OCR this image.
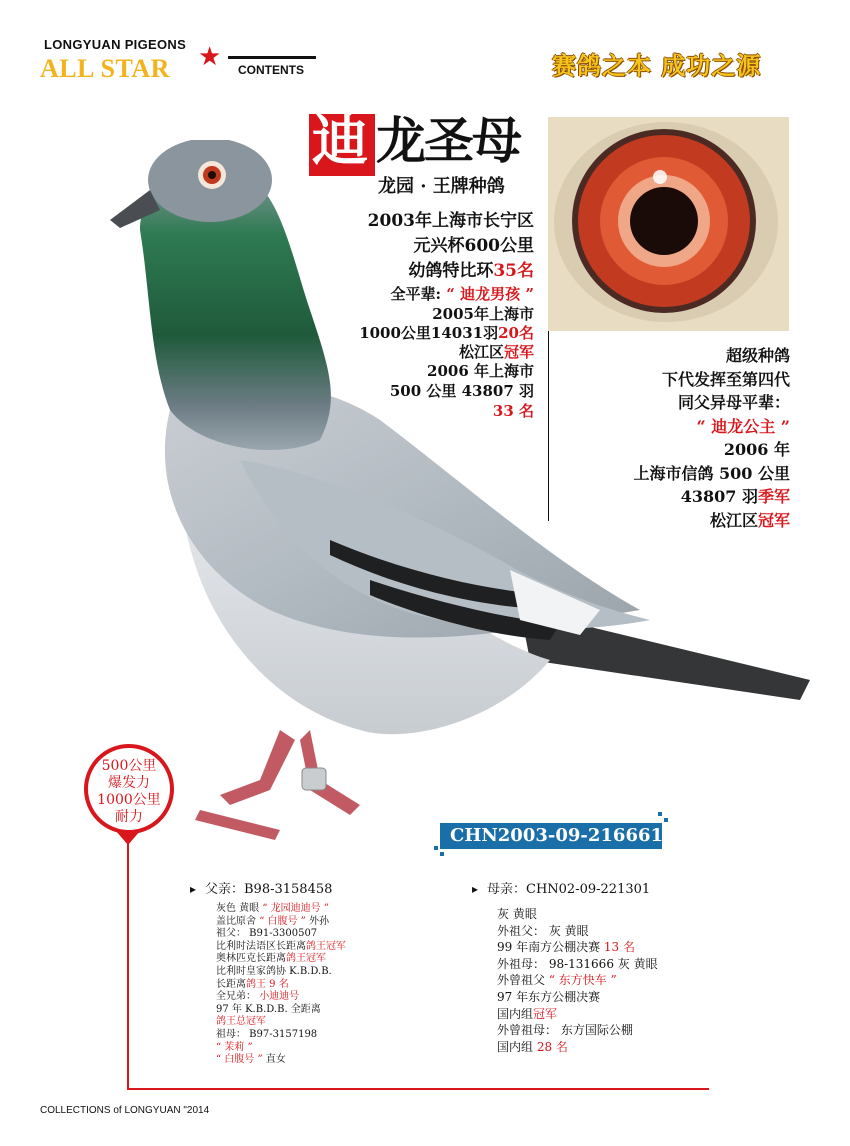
LONGYUAN PIGEONS
ALL STAR ★ CONTENTS	赛鸽之本 成功之源
迪 龙圣母
龙园 · 王牌种鸽
2003年上海市长宁区
元兴杯600公里
幼鸽特比环35名
全平辈: “ 迪龙男孩 ”
2005年上海市
1000公里14031羽20名
松江区冠军
2006 年上海市
500 公里 43807 羽
33 名
超级种鸽
下代发挥至第四代
同父异母平辈：
“ 迪龙公主 ”
2006 年
上海市信鸽 500 公里
43807 羽季军
松江区冠军
500公里
爆发力
1000公里
耐力
CHN2003-09-216661 雌
▸ 父亲：B98-3158458
灰色 黄眼 “ 龙园迪迪号 ”
盖比原舍 “ 白腹号 ” 外孙
祖父： B91-3300507
比利时法语区长距离鸽王冠军
奥林匹克长距离鸽王冠军
比利时皇家鸽协 K.B.D.B.
长距离鸽王 9 名
全兄弟： 小迪迪号
97 年 K.B.D.B. 全距离
鸽王总冠军
祖母： B97-3157198
“ 茉莉 ”
“ 白腹号 ” 直女
▸ 母亲：CHN02-09-221301
灰 黄眼
外祖父： 灰 黄眼
99 年南方公棚决赛 13 名
外祖母： 98-131666 灰 黄眼
外曾祖父 “ 东方快车 ”
97 年东方公棚决赛
国内组冠军
外曾祖母： 东方国际公棚
国内组 28 名
COLLECTIONS of LONGYUAN "2014
